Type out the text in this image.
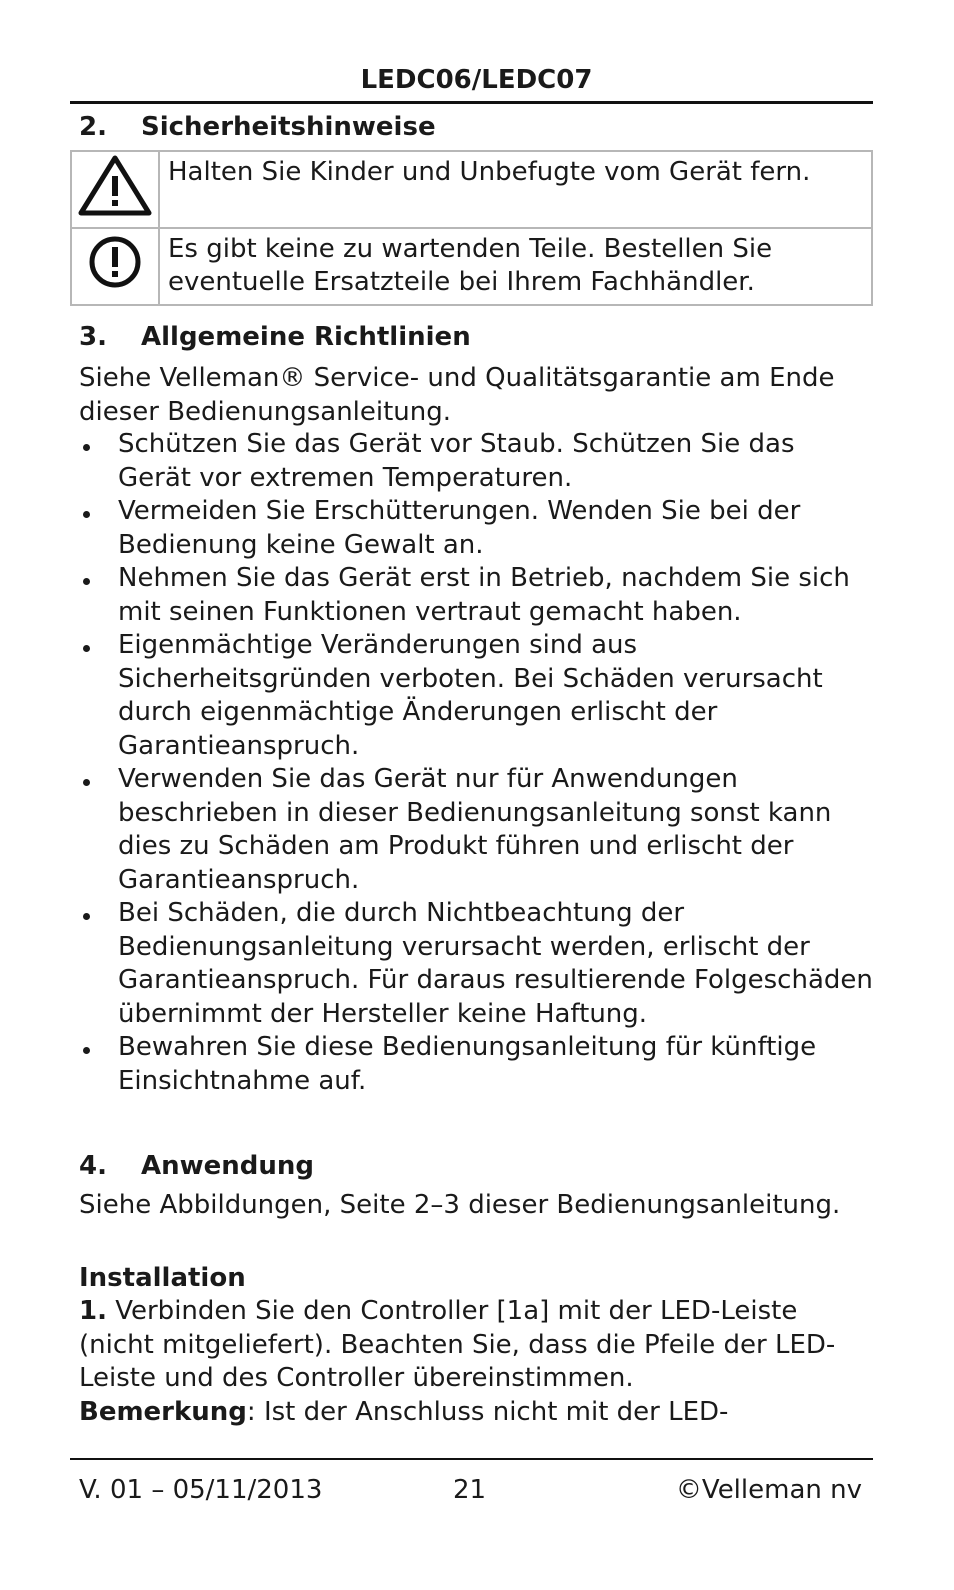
LEDC06/LEDC07
2. Sicherheitshinweise
	Halten Sie Kinder und Unbefugte vom Gerät fern.
	Es gibt keine zu wartenden Teile. Bestellen Sie eventuelle Ersatzteile bei Ihrem Fachhändler.
3. Allgemeine Richtlinien
Siehe Velleman® Service- und Qualitätsgarantie am Ende dieser Bedienungsanleitung.
Schützen Sie das Gerät vor Staub. Schützen Sie das Gerät vor extremen Temperaturen.
Vermeiden Sie Erschütterungen. Wenden Sie bei der Bedienung keine Gewalt an.
Nehmen Sie das Gerät erst in Betrieb, nachdem Sie sich mit seinen Funktionen vertraut gemacht haben.
Eigenmächtige Veränderungen sind aus Sicherheitsgründen verboten. Bei Schäden verursacht durch eigenmächtige Änderungen erlischt der Garantieanspruch.
Verwenden Sie das Gerät nur für Anwendungen beschrieben in dieser Bedienungsanleitung sonst kann dies zu Schäden am Produkt führen und erlischt der Garantieanspruch.
Bei Schäden, die durch Nichtbeachtung der Bedienungsanleitung verursacht werden, erlischt der Garantieanspruch. Für daraus resultierende Folgeschäden übernimmt der Hersteller keine Haftung.
Bewahren Sie diese Bedienungsanleitung für künftige Einsichtnahme auf.
4. Anwendung
Siehe Abbildungen, Seite 2–3 dieser Bedienungsanleitung.
Installation
1. Verbinden Sie den Controller [1a] mit der LED-Leiste (nicht mitgeliefert). Beachten Sie, dass die Pfeile der LED-Leiste und des Controller übereinstimmen.
Bemerkung: Ist der Anschluss nicht mit der LED-
V. 01 – 05/11/2013	21	©Velleman nv
